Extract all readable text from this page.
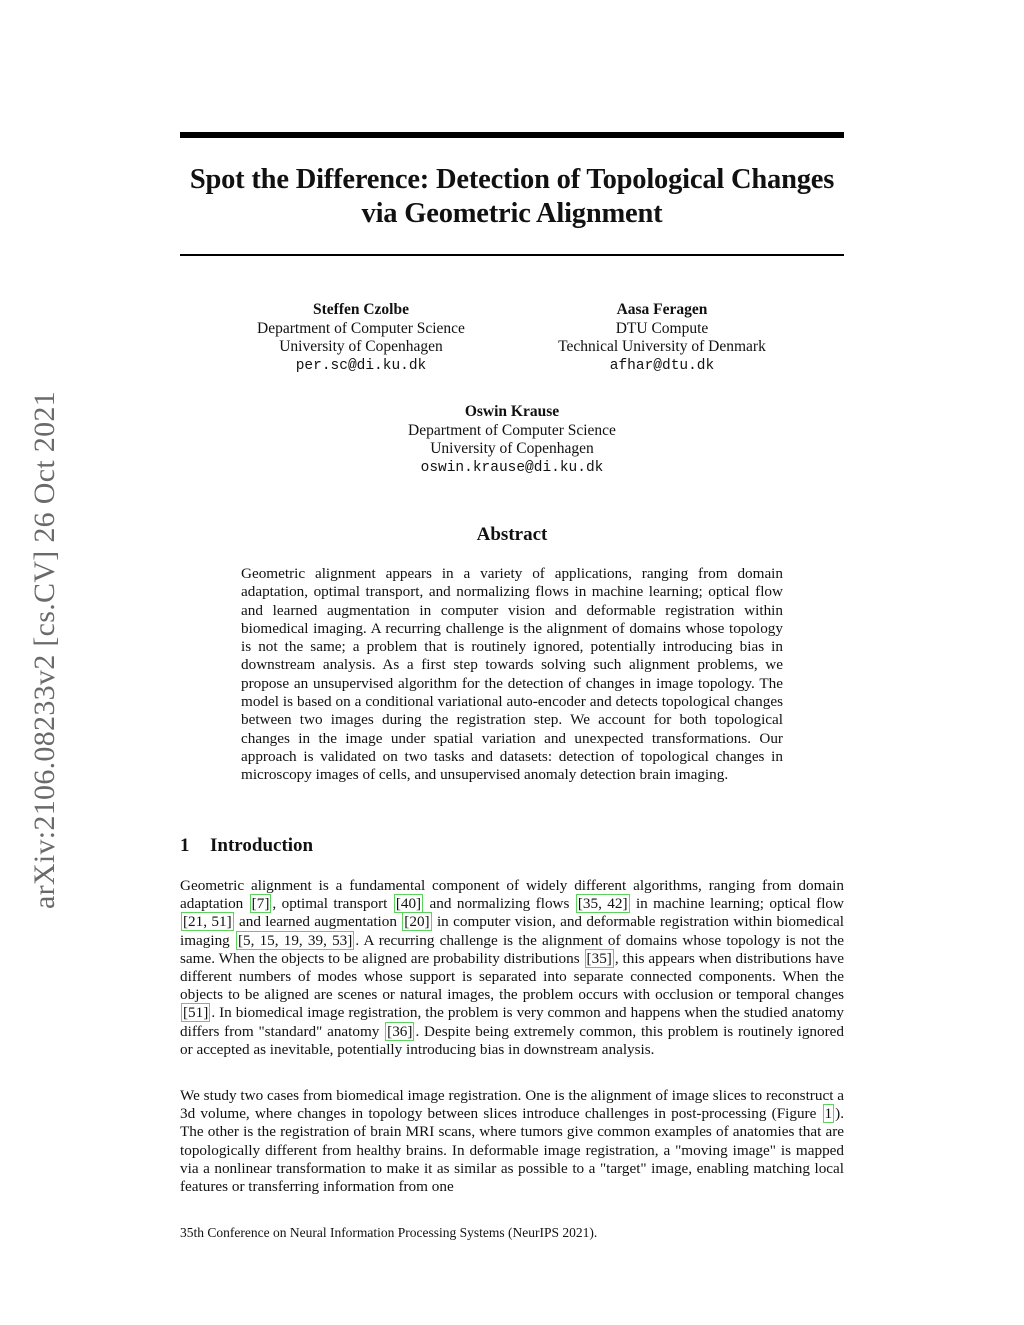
arXiv:2106.08233v2 [cs.CV] 26 Oct 2021
Spot the Difference: Detection of Topological Changes
via Geometric Alignment
Steffen Czolbe
Department of Computer Science
University of Copenhagen
per.sc@di.ku.dk
Aasa Feragen
DTU Compute
Technical University of Denmark
afhar@dtu.dk
Oswin Krause
Department of Computer Science
University of Copenhagen
oswin.krause@di.ku.dk
Abstract
Geometric alignment appears in a variety of applications, ranging from domain adaptation, optimal transport, and normalizing flows in machine learning; optical flow and learned augmentation in computer vision and deformable registration within biomedical imaging. A recurring challenge is the alignment of domains whose topology is not the same; a problem that is routinely ignored, potentially introducing bias in downstream analysis. As a first step towards solving such alignment problems, we propose an unsupervised algorithm for the detection of changes in image topology. The model is based on a conditional variational auto-encoder and detects topological changes between two images during the registration step. We account for both topological changes in the image under spatial variation and unexpected transformations. Our approach is validated on two tasks and datasets: detection of topological changes in microscopy images of cells, and unsupervised anomaly detection brain imaging.
1 Introduction
Geometric alignment is a fundamental component of widely different algorithms, ranging from domain adaptation [7] , optimal transport [40] and normalizing flows [35, 42] in machine learning; optical flow [21, 51] and learned augmentation [20] in computer vision, and deformable registration within biomedical imaging [5, 15, 19, 39, 53] . A recurring challenge is the alignment of domains whose topology is not the same. When the objects to be aligned are probability distributions [35] , this appears when distributions have different numbers of modes whose support is separated into separate connected components. When the objects to be aligned are scenes or natural images, the problem occurs with occlusion or temporal changes [51] . In biomedical image registration, the problem is very common and happens when the studied anatomy differs from "standard" anatomy [36] . Despite being extremely common, this problem is routinely ignored or accepted as inevitable, potentially introducing bias in downstream analysis.
We study two cases from biomedical image registration. One is the alignment of image slices to reconstruct a 3d volume, where changes in topology between slices introduce challenges in post-processing (Figure 1 ). The other is the registration of brain MRI scans, where tumors give common examples of anatomies that are topologically different from healthy brains. In deformable image registration, a "moving image" is mapped via a nonlinear transformation to make it as similar as possible to a "target" image, enabling matching local features or transferring information from one
35th Conference on Neural Information Processing Systems (NeurIPS 2021).
